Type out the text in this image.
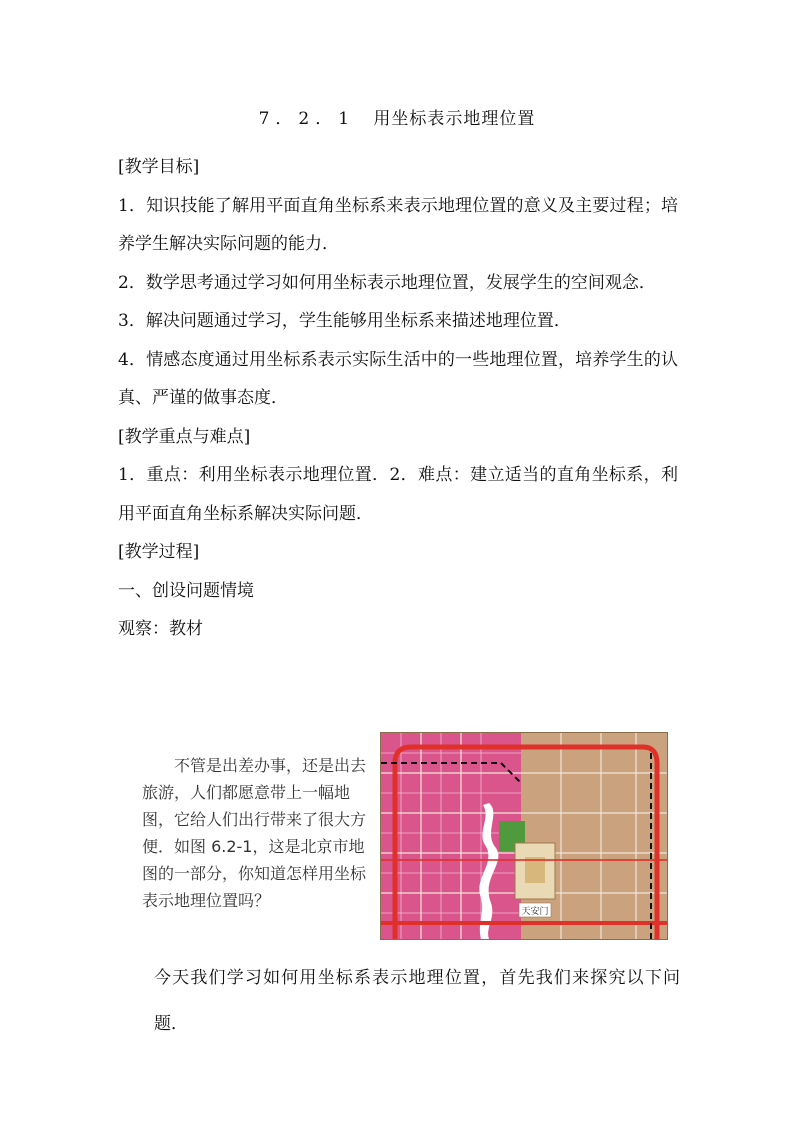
7．2．1 用坐标表示地理位置

[教学目标]

1．知识技能了解用平面直角坐标系来表示地理位置的意义及主要过程；培养学生解决实际问题的能力．

2．数学思考通过学习如何用坐标表示地理位置，发展学生的空间观念．

3．解决问题通过学习，学生能够用坐标系来描述地理位置．

4．情感态度通过用坐标系表示实际生活中的一些地理位置，培养学生的认真、严谨的做事态度．

[教学重点与难点]

1．重点：利用坐标表示地理位置．2．难点：建立适当的直角坐标系，利用平面直角坐标系解决实际问题．

[教学过程]

一、创设问题情境

观察：教材

不管是出差办事，还是出去
旅游，人们都愿意带上一幅地
图，它给人们出行带来了很大方
便．如图 6.2-1，这是北京市地
图的一部分，你知道怎样用坐标
表示地理位置吗？
天安门
今天我们学习如何用坐标系表示地理位置，首先我们来探究以下问题．
